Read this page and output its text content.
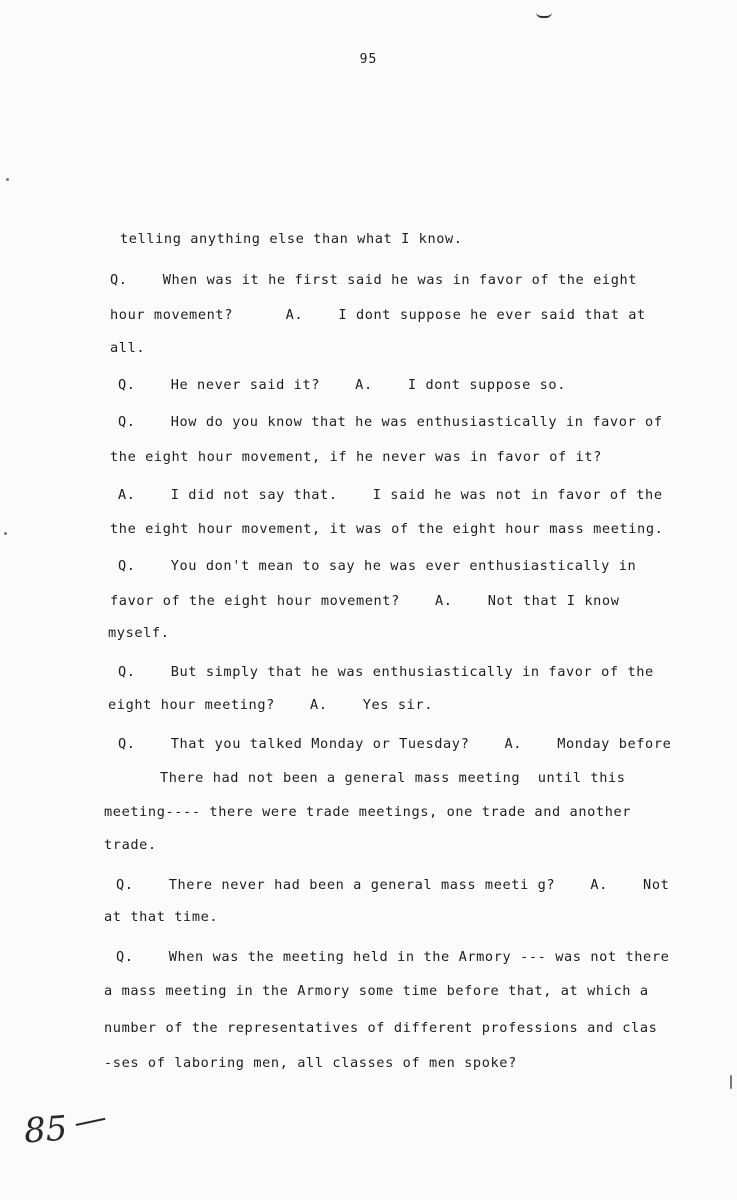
95
telling anything else than what I know.
Q.    When was it he first said he was in favor of the eight
hour movement?      A.    I dont suppose he ever said that at
all.
Q.    He never said it?    A.    I dont suppose so.
Q.    How do you know that he was enthusiastically in favor of
the eight hour movement, if he never was in favor of it?
A.    I did not say that.    I said he was not in favor of the
the eight hour movement, it was of the eight hour mass meeting.
Q.    You don't mean to say he was ever enthusiastically in
favor of the eight hour movement?    A.    Not that I know
myself.
Q.    But simply that he was enthusiastically in favor of the
eight hour meeting?    A.    Yes sir.
Q.    That you talked Monday or Tuesday?    A.    Monday before
There had not been a general mass meeting  until this
meeting---- there were trade meetings, one trade and another
trade.
Q.    There never had been a general mass meeti g?    A.    Not
at that time.
Q.    When was the meeting held in the Armory --- was not there
a mass meeting in the Armory some time before that, at which a
number of the representatives of different professions and clas
-ses of laboring men, all classes of men spoke?
85
